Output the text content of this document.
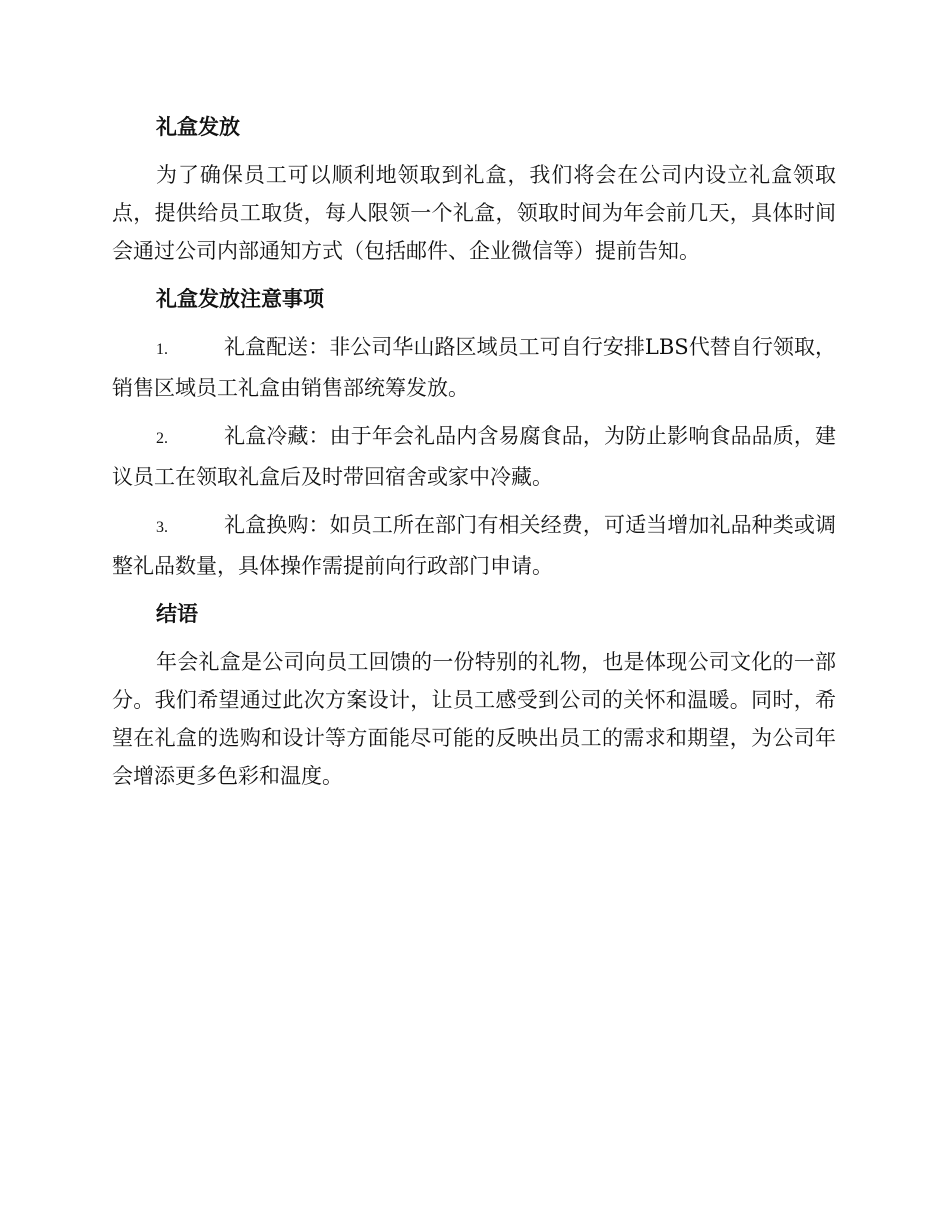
礼盒发放

为了确保员工可以顺利地领取到礼盒，我们将会在公司内设立礼盒领取点，提供给员工取货，每人限领一个礼盒，领取时间为年会前几天，具体时间会通过公司内部通知方式（包括邮件、企业微信等）提前告知。

礼盒发放注意事项

1.	礼盒配送：非公司华山路区域员工可自行安排LBS代替自行领取，销售区域员工礼盒由销售部统筹发放。

2.	礼盒冷藏：由于年会礼品内含易腐食品，为防止影响食品品质，建议员工在领取礼盒后及时带回宿舍或家中冷藏。

3.	礼盒换购：如员工所在部门有相关经费，可适当增加礼品种类或调整礼品数量，具体操作需提前向行政部门申请。

结语

年会礼盒是公司向员工回馈的一份特别的礼物，也是体现公司文化的一部分。我们希望通过此次方案设计，让员工感受到公司的关怀和温暖。同时，希望在礼盒的选购和设计等方面能尽可能的反映出员工的需求和期望，为公司年会增添更多色彩和温度。
